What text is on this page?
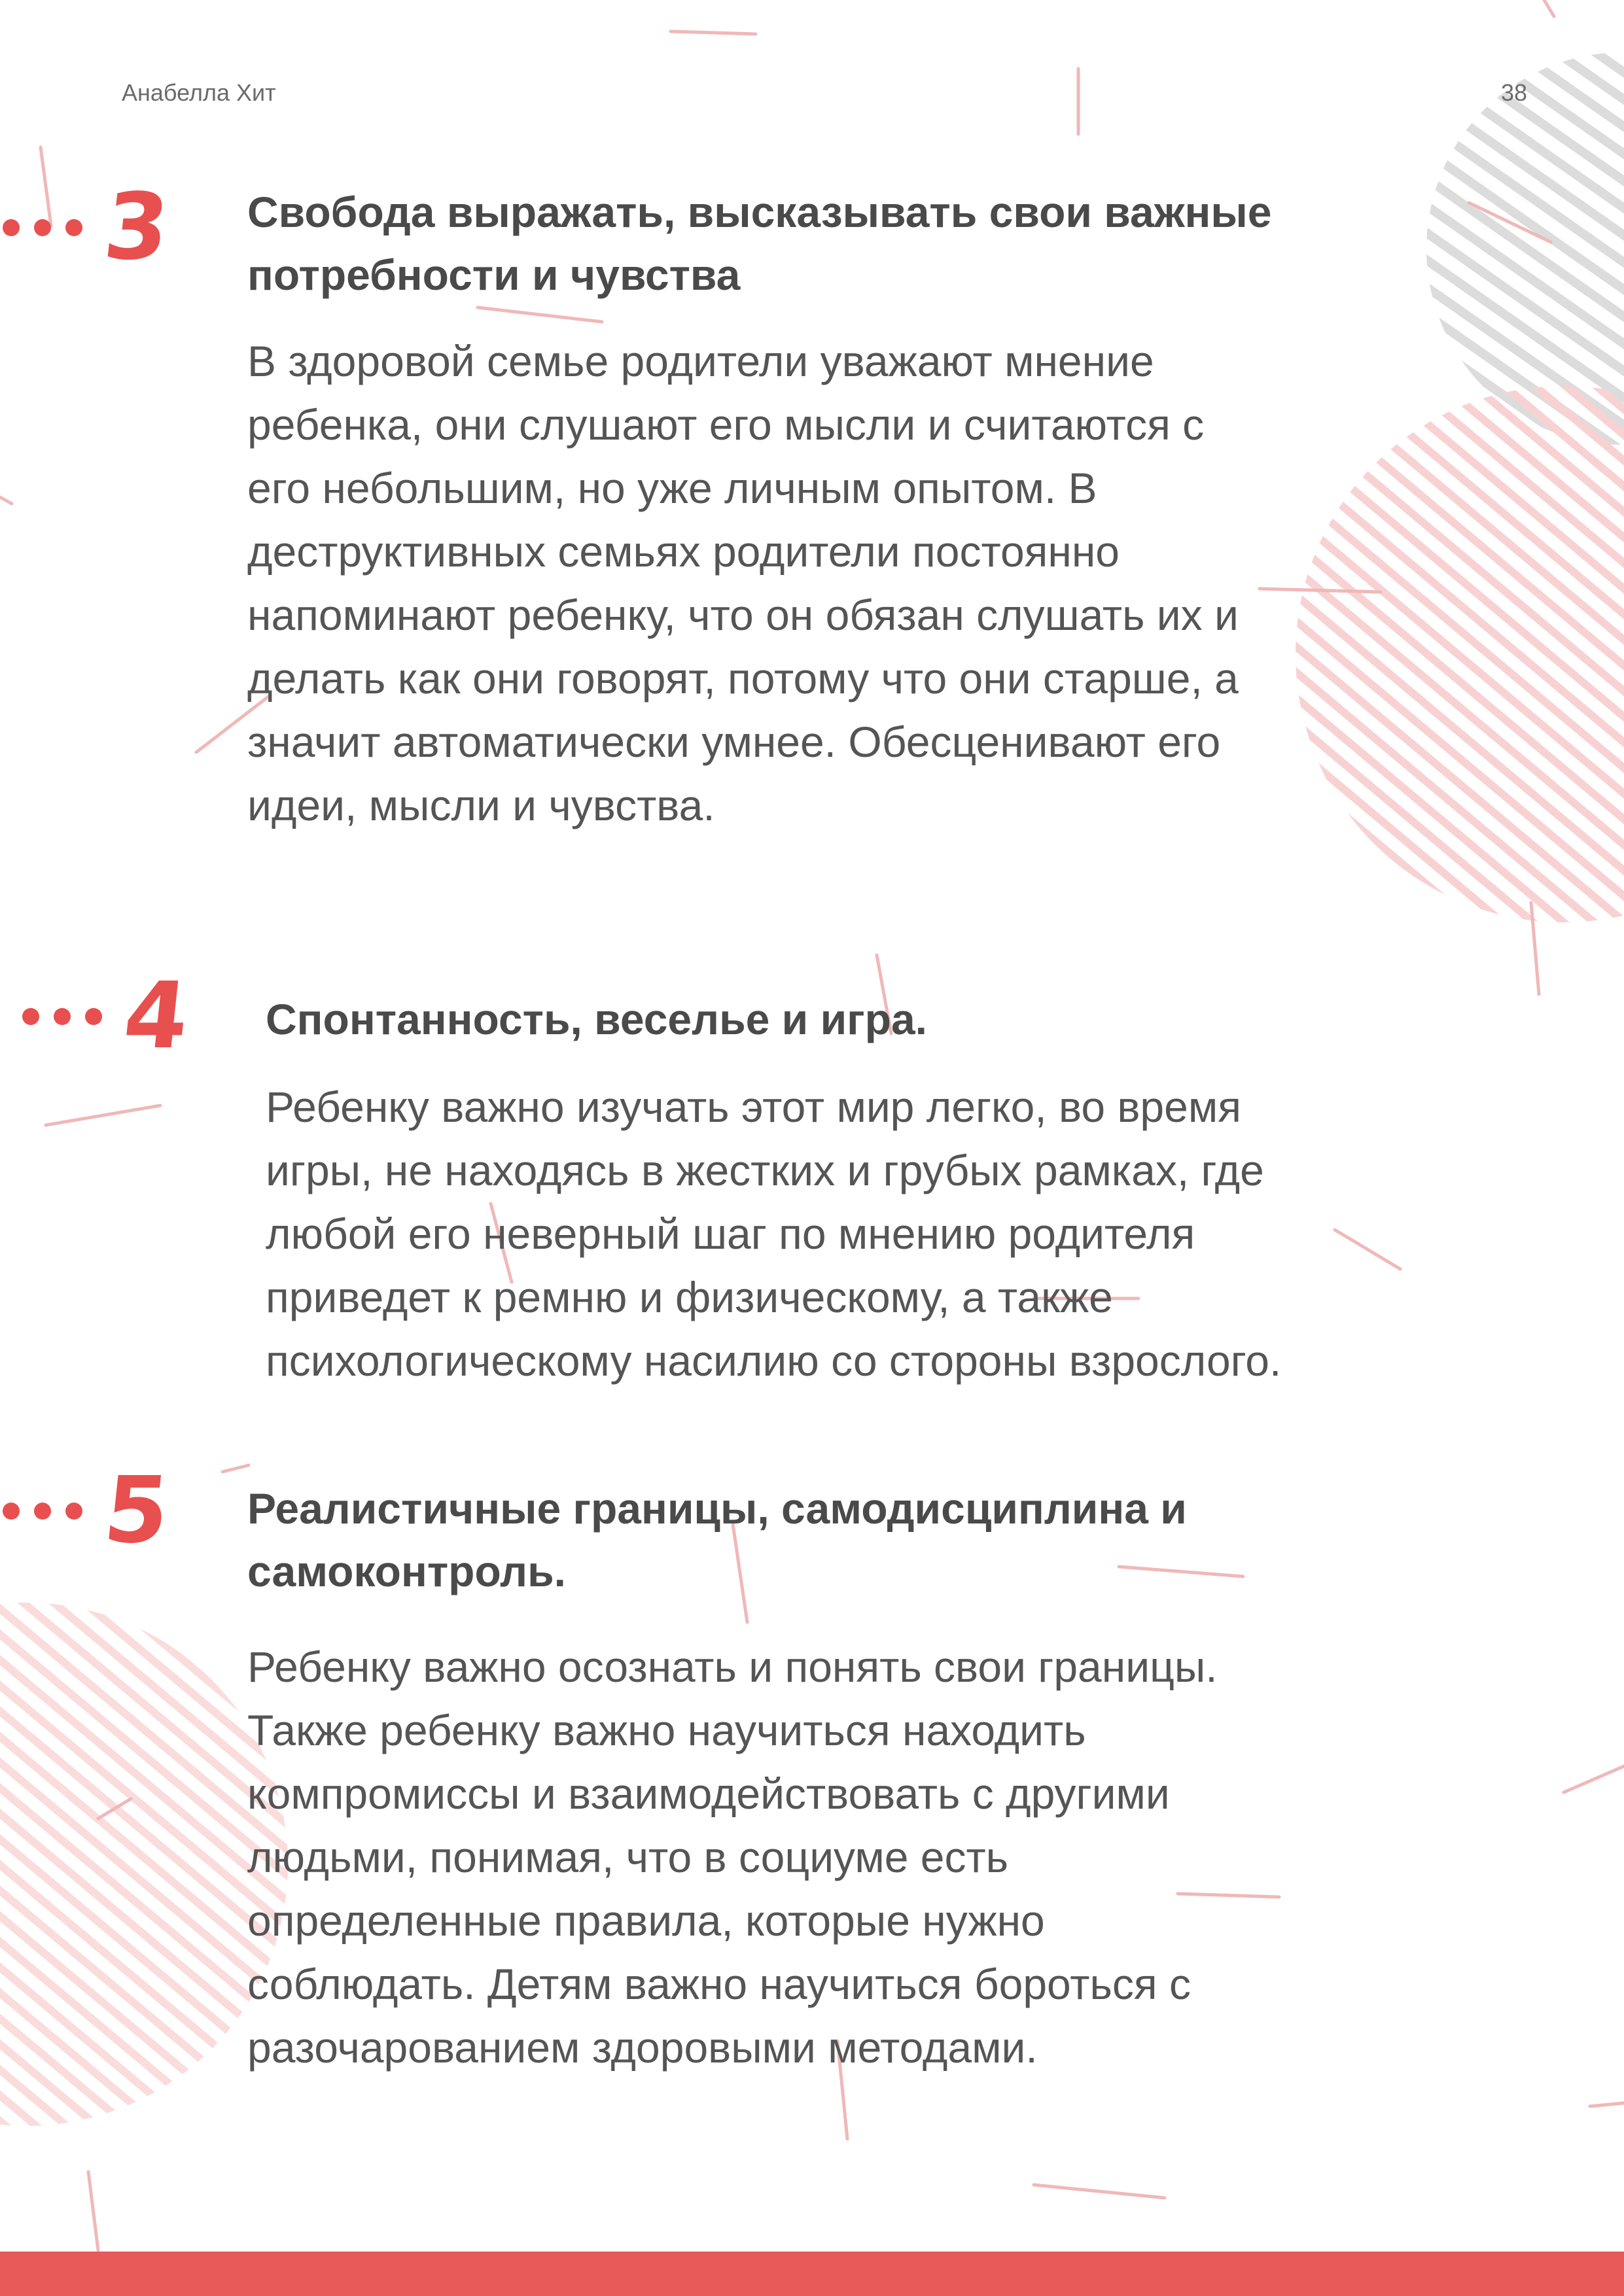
Анабелла Хит	38
3 Свобода выражать, высказывать свои важные
потребности и чувства

В здоровой семье родители уважают мнение
ребенка, они слушают его мысли и считаются с
его небольшим, но уже личным опытом. В
деструктивных семьях родители постоянно
напоминают ребенку, что он обязан слушать их и
делать как они говорят, потому что они старше, а
значит автоматически умнее. Обесценивают его
идеи, мысли и чувства.

4 Спонтанность, веселье и игра.

Ребенку важно изучать этот мир легко, во время
игры, не находясь в жестких и грубых рамках, где
любой его неверный шаг по мнению родителя
приведет к ремню и физическому, а также
психологическому насилию со стороны взрослого.

5 Реалистичные границы, самодисциплина и
самоконтроль.

Ребенку важно осознать и понять свои границы.
Также ребенку важно научиться находить
компромиссы и взаимодействовать с другими
людьми, понимая, что в социуме есть
определенные правила, которые нужно
соблюдать. Детям важно научиться бороться с
разочарованием здоровыми методами.
